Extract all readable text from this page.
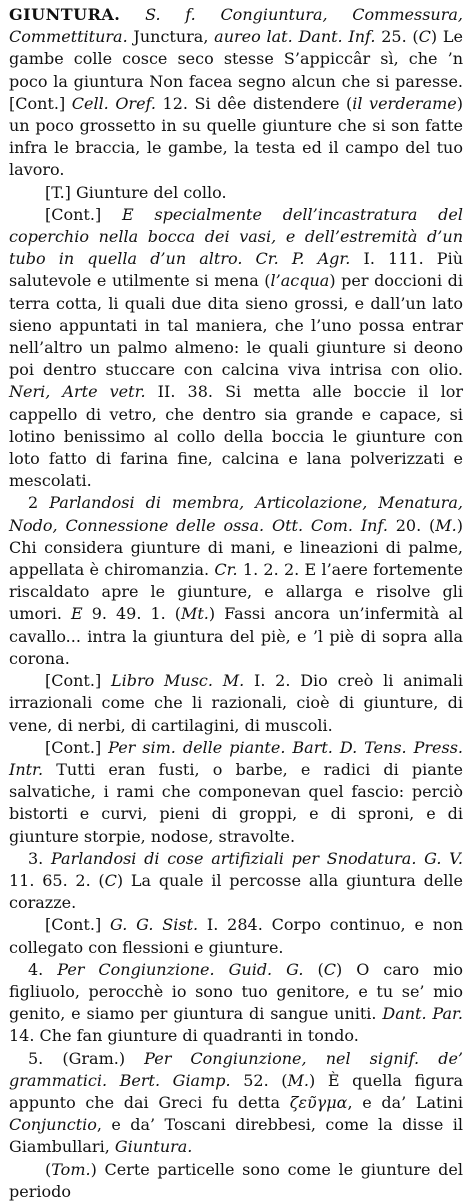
GIUNTURA. S. f. Congiuntura, Commessura, Commettitura. Junctura, aureo lat. Dant. Inf. 25. (C) Le gambe colle cosce seco stesse S’appiccâr sì, che ’n poco la giuntura Non facea segno alcun che si paresse. [Cont.] Cell. Oref. 12. Si dêe distendere (il verderame) un poco grossetto in su quelle giunture che si son fatte infra le braccia, le gambe, la testa ed il campo del tuo lavoro.

[T.] Giunture del collo.

[Cont.] E specialmente dell’incastratura del coperchio nella bocca dei vasi, e dell’estremità d’un tubo in quella d’un altro. Cr. P. Agr. I. 111. Più salutevole e utilmente si mena (l’acqua) per doccioni di terra cotta, li quali due dita sieno grossi, e dall’un lato sieno appuntati in tal maniera, che l’uno possa entrar nell’altro un palmo almeno: le quali giunture si deono poi dentro stuccare con calcina viva intrisa con olio. Neri, Arte vetr. II. 38. Si metta alle boccie il lor cappello di vetro, che dentro sia grande e capace, si lotino benissimo al collo della boccia le giunture con loto fatto di farina fine, calcina e lana polverizzati e mescolati.

2 Parlandosi di membra, Articolazione, Menatura, Nodo, Connessione delle ossa. Ott. Com. Inf. 20. (M.) Chi considera giunture di mani, e lineazioni di palme, appellata è chiromanzia. Cr. 1. 2. 2. E l’aere fortemente riscaldato apre le giunture, e allarga e risolve gli umori. E 9. 49. 1. (Mt.) Fassi ancora un’infermità al cavallo... intra la giuntura del piè, e ’l piè di sopra alla corona.

[Cont.] Libro Musc. M. I. 2. Dio creò li animali irrazionali come che li razionali, cioè di giunture, di vene, di nerbi, di cartilagini, di muscoli.

[Cont.] Per sim. delle piante. Bart. D. Tens. Press. Intr. Tutti eran fusti, o barbe, e radici di piante salvatiche, i rami che componevan quel fascio: perciò bistorti e curvi, pieni di groppi, e di sproni, e di giunture storpie, nodose, stravolte.

3. Parlandosi di cose artifiziali per Snodatura. G. V. 11. 65. 2. (C) La quale il percosse alla giuntura delle corazze.

[Cont.] G. G. Sist. I. 284. Corpo continuo, e non collegato con flessioni e giunture.

4. Per Congiunzione. Guid. G. (C) O caro mio figliuolo, perocchè io sono tuo genitore, e tu se’ mio genito, e siamo per giuntura di sangue uniti. Dant. Par. 14. Che fan giunture di quadranti in tondo.

5. (Gram.) Per Congiunzione, nel signif. de’ grammatici. Bert. Giamp. 52. (M.) È quella figura appunto che dai Greci fu detta ζεῦγμα, e da’ Latini Conjunctio, e da’ Toscani direbbesi, come la disse il Giambullari, Giuntura.

(Tom.) Certe particelle sono come le giunture del periodo
